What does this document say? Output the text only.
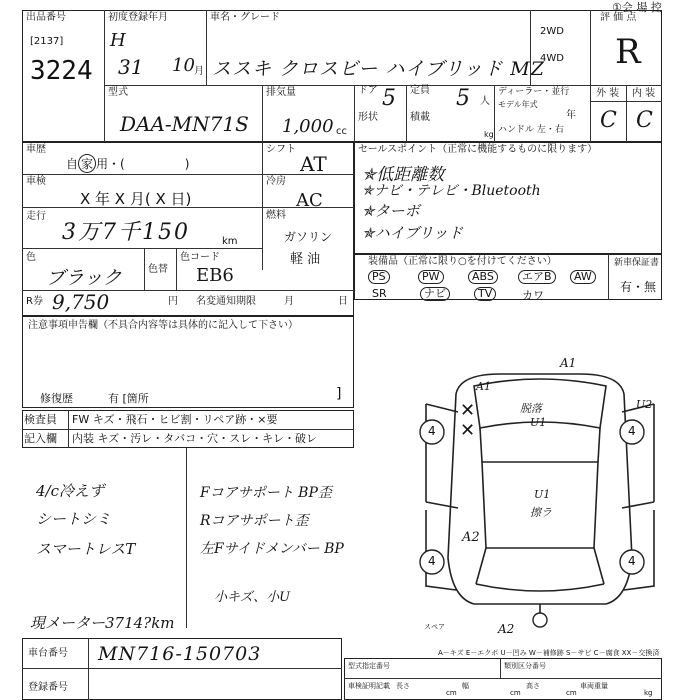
①会 場 控
出品番号
[2137]
3224
初度登録年月
H
31 10 月
車名・グレード
ススキ クロスビー ハイブリッド MZ
2WD
4WD
評 価 点
R
型式
DAA-MN71S
排気量
1,000 cc
ドア 5 定員 5 人
形状	積載
kg
ディーラー・並行
モデル年式
年
ハンドル 左・右
外 装 内 装
C C
車歴
自 家 用・(　　　　　)
シフト
AT
車検
X 年 X 月( X 日)
冷房
AC
走行
3万7千150	km
燃料
ガソリン
軽 油
色
ブラック	色替
色コード
EB6
R券 9,750	円 名変通知期限	月	日
セールスポイント（正常に機能するものに限ります）
✯低距離数
✯ナビ・テレビ・Bluetooth
✯ターボ
✯ハイブリッド
装備品（正常に限り○を付けてください）
PS	PW	ABS	エアB	AW
SR	ナビ	TV	カワ
新車保証書
有・無
注意事項申告欄（不具合内容等は具体的に記入して下さい）
修復歴	有 [箇所	]
検査員 FW キズ・飛石・ヒビ割・リペア跡・×要
記入欄 内装 キズ・汚レ・タバコ・穴・スレ・キレ・破レ
4/c冷えず
シートシミ
スマートレスT
Fコアサポート BP歪
Rコアサポート歪
左Fサイドメンバー BP
小キズ、小U
現メーター3714?km
4	4
4	4
A1
A1
U2
脱落
U1
U1
擦ラ
A2
A2
スペア
✕
✕
A－キズ E－エクボ U－凹み W－補修跡 S－サビ C－腐食 XX－交換済
車台番号 MN716-150703
登録番号
型式指定番号	類別区分番号
車検証明記載 長さ
cm
幅
cm
高さ
cm
車両重量
kg
